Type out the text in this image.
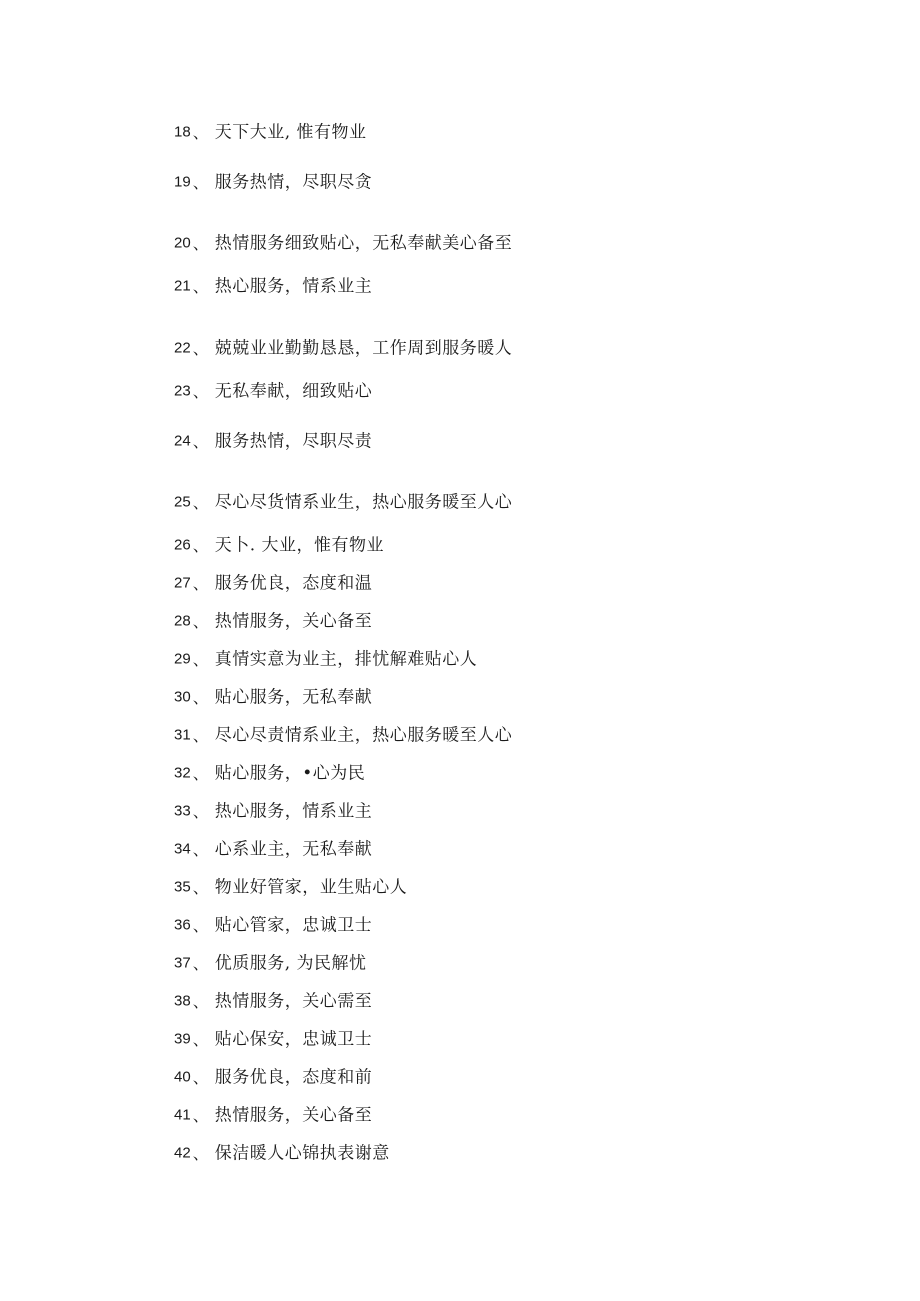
18 、 天下大业, 惟有物业
19 、 服务热情，尽职尽贪
20 、 热情服务细致贴心，无私奉献美心备至
21 、 热心服务，情系业主
22 、 兢兢业业勤勤恳恳，工作周到服务暖人
23 、 无私奉献，细致贴心
24 、 服务热情，尽职尽责
25 、 尽心尽货情系业生，热心服务暖至人心
26 、 天卜. 大业，惟有物业
27 、 服务优良，态度和温
28 、 热情服务，关心备至
29 、 真情实意为业主，排忧解难贴心人
30 、 贴心服务，无私奉献
31 、 尽心尽责情系业主，热心服务暖至人心
32 、 贴心服务，•心为民
33 、 热心服务，情系业主
34 、 心系业主，无私奉献
35 、 物业好管家，业生贴心人
36 、 贴心管家，忠诚卫士
37 、 优质服务, 为民解忧
38 、 热情服务，关心需至
39 、 贴心保安，忠诚卫士
40 、 服务优良，态度和前
41 、 热情服务，关心备至
42 、 保洁暖人心锦执表谢意
